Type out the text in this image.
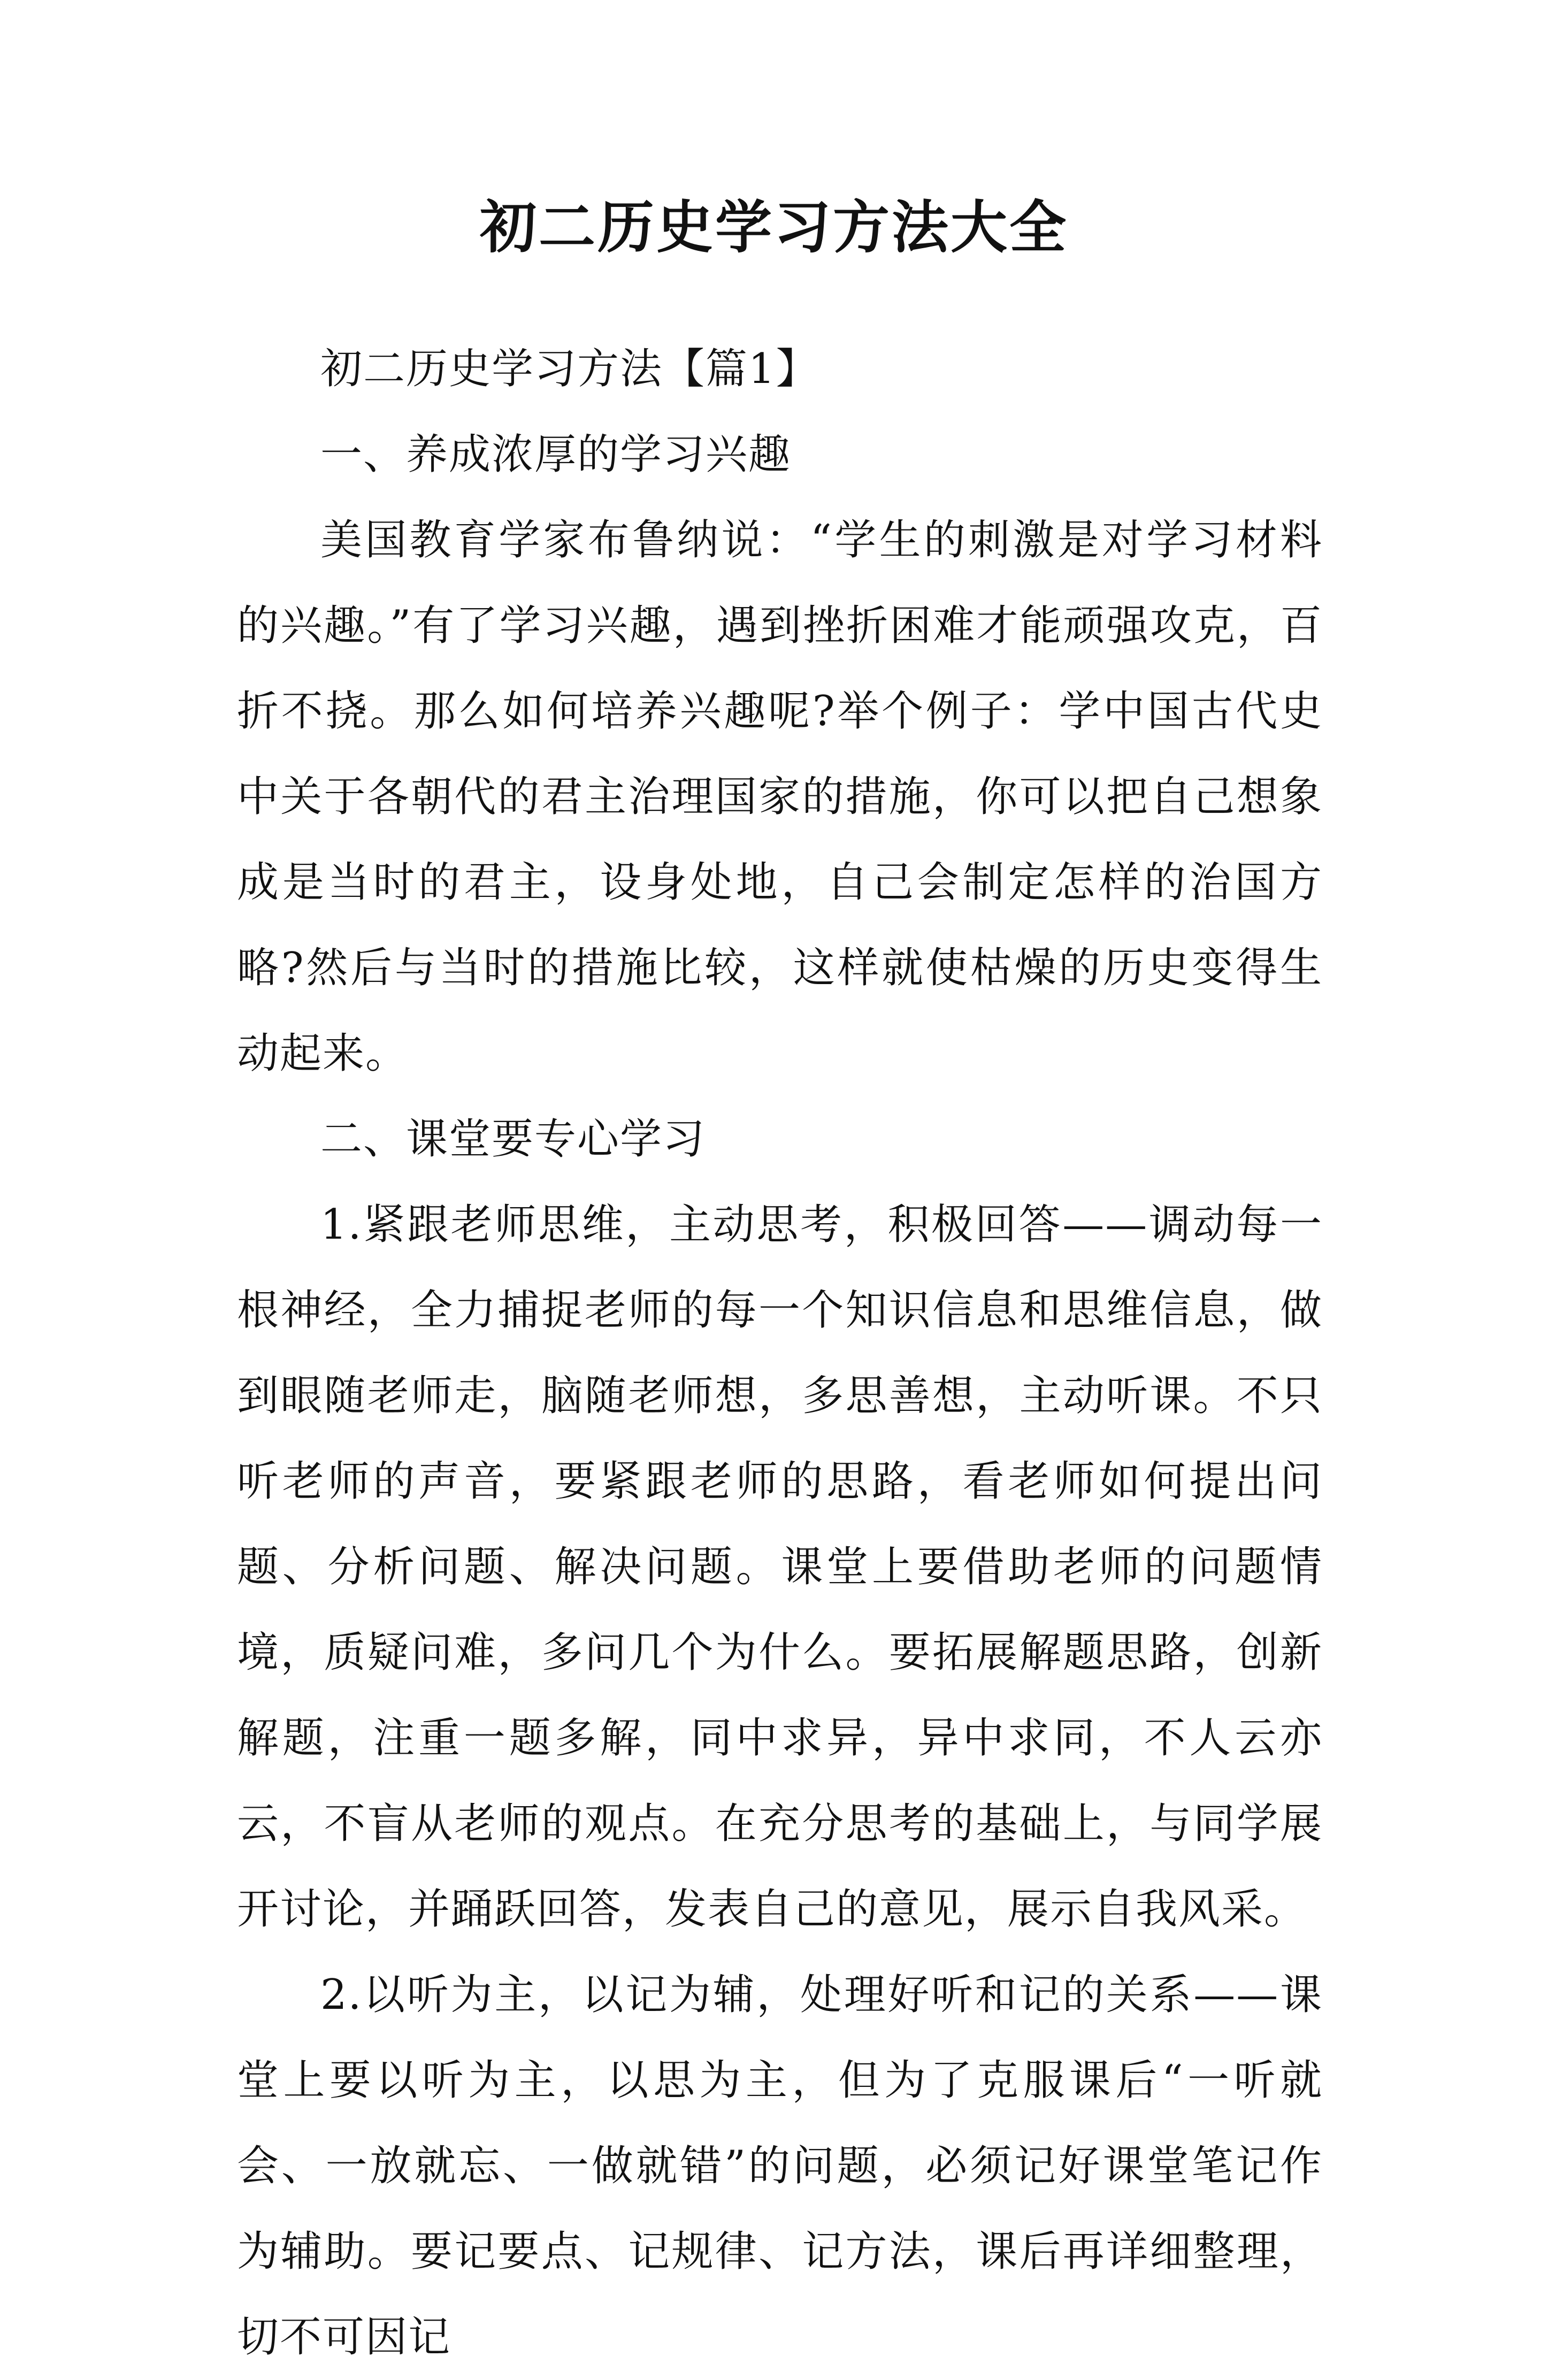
初二历史学习方法大全

初二历史学习方法【篇1】

一、养成浓厚的学习兴趣

美国教育学家布鲁纳说：“学生的刺激是对学习材料的兴趣。”有了学习兴趣，遇到挫折困难才能顽强攻克，百折不挠。那么如何培养兴趣呢?举个例子：学中国古代史中关于各朝代的君主治理国家的措施，你可以把自己想象成是当时的君主，设身处地，自己会制定怎样的治国方略?然后与当时的措施比较，这样就使枯燥的历史变得生动起来。

二、课堂要专心学习

1.紧跟老师思维，主动思考，积极回答——调动每一根神经，全力捕捉老师的每一个知识信息和思维信息，做到眼随老师走，脑随老师想，多思善想，主动听课。不只听老师的声音，要紧跟老师的思路，看老师如何提出问题、分析问题、解决问题。课堂上要借助老师的问题情境，质疑问难，多问几个为什么。要拓展解题思路，创新解题，注重一题多解，同中求异，异中求同，不人云亦云，不盲从老师的观点。在充分思考的基础上，与同学展开讨论，并踊跃回答，发表自己的意见，展示自我风采。

2.以听为主，以记为辅，处理好听和记的关系——课堂上要以听为主，以思为主，但为了克服课后“一听就会、一放就忘、一做就错”的问题，必须记好课堂笔记作为辅助。要记要点、记规律、记方法，课后再详细整理，切不可因记
